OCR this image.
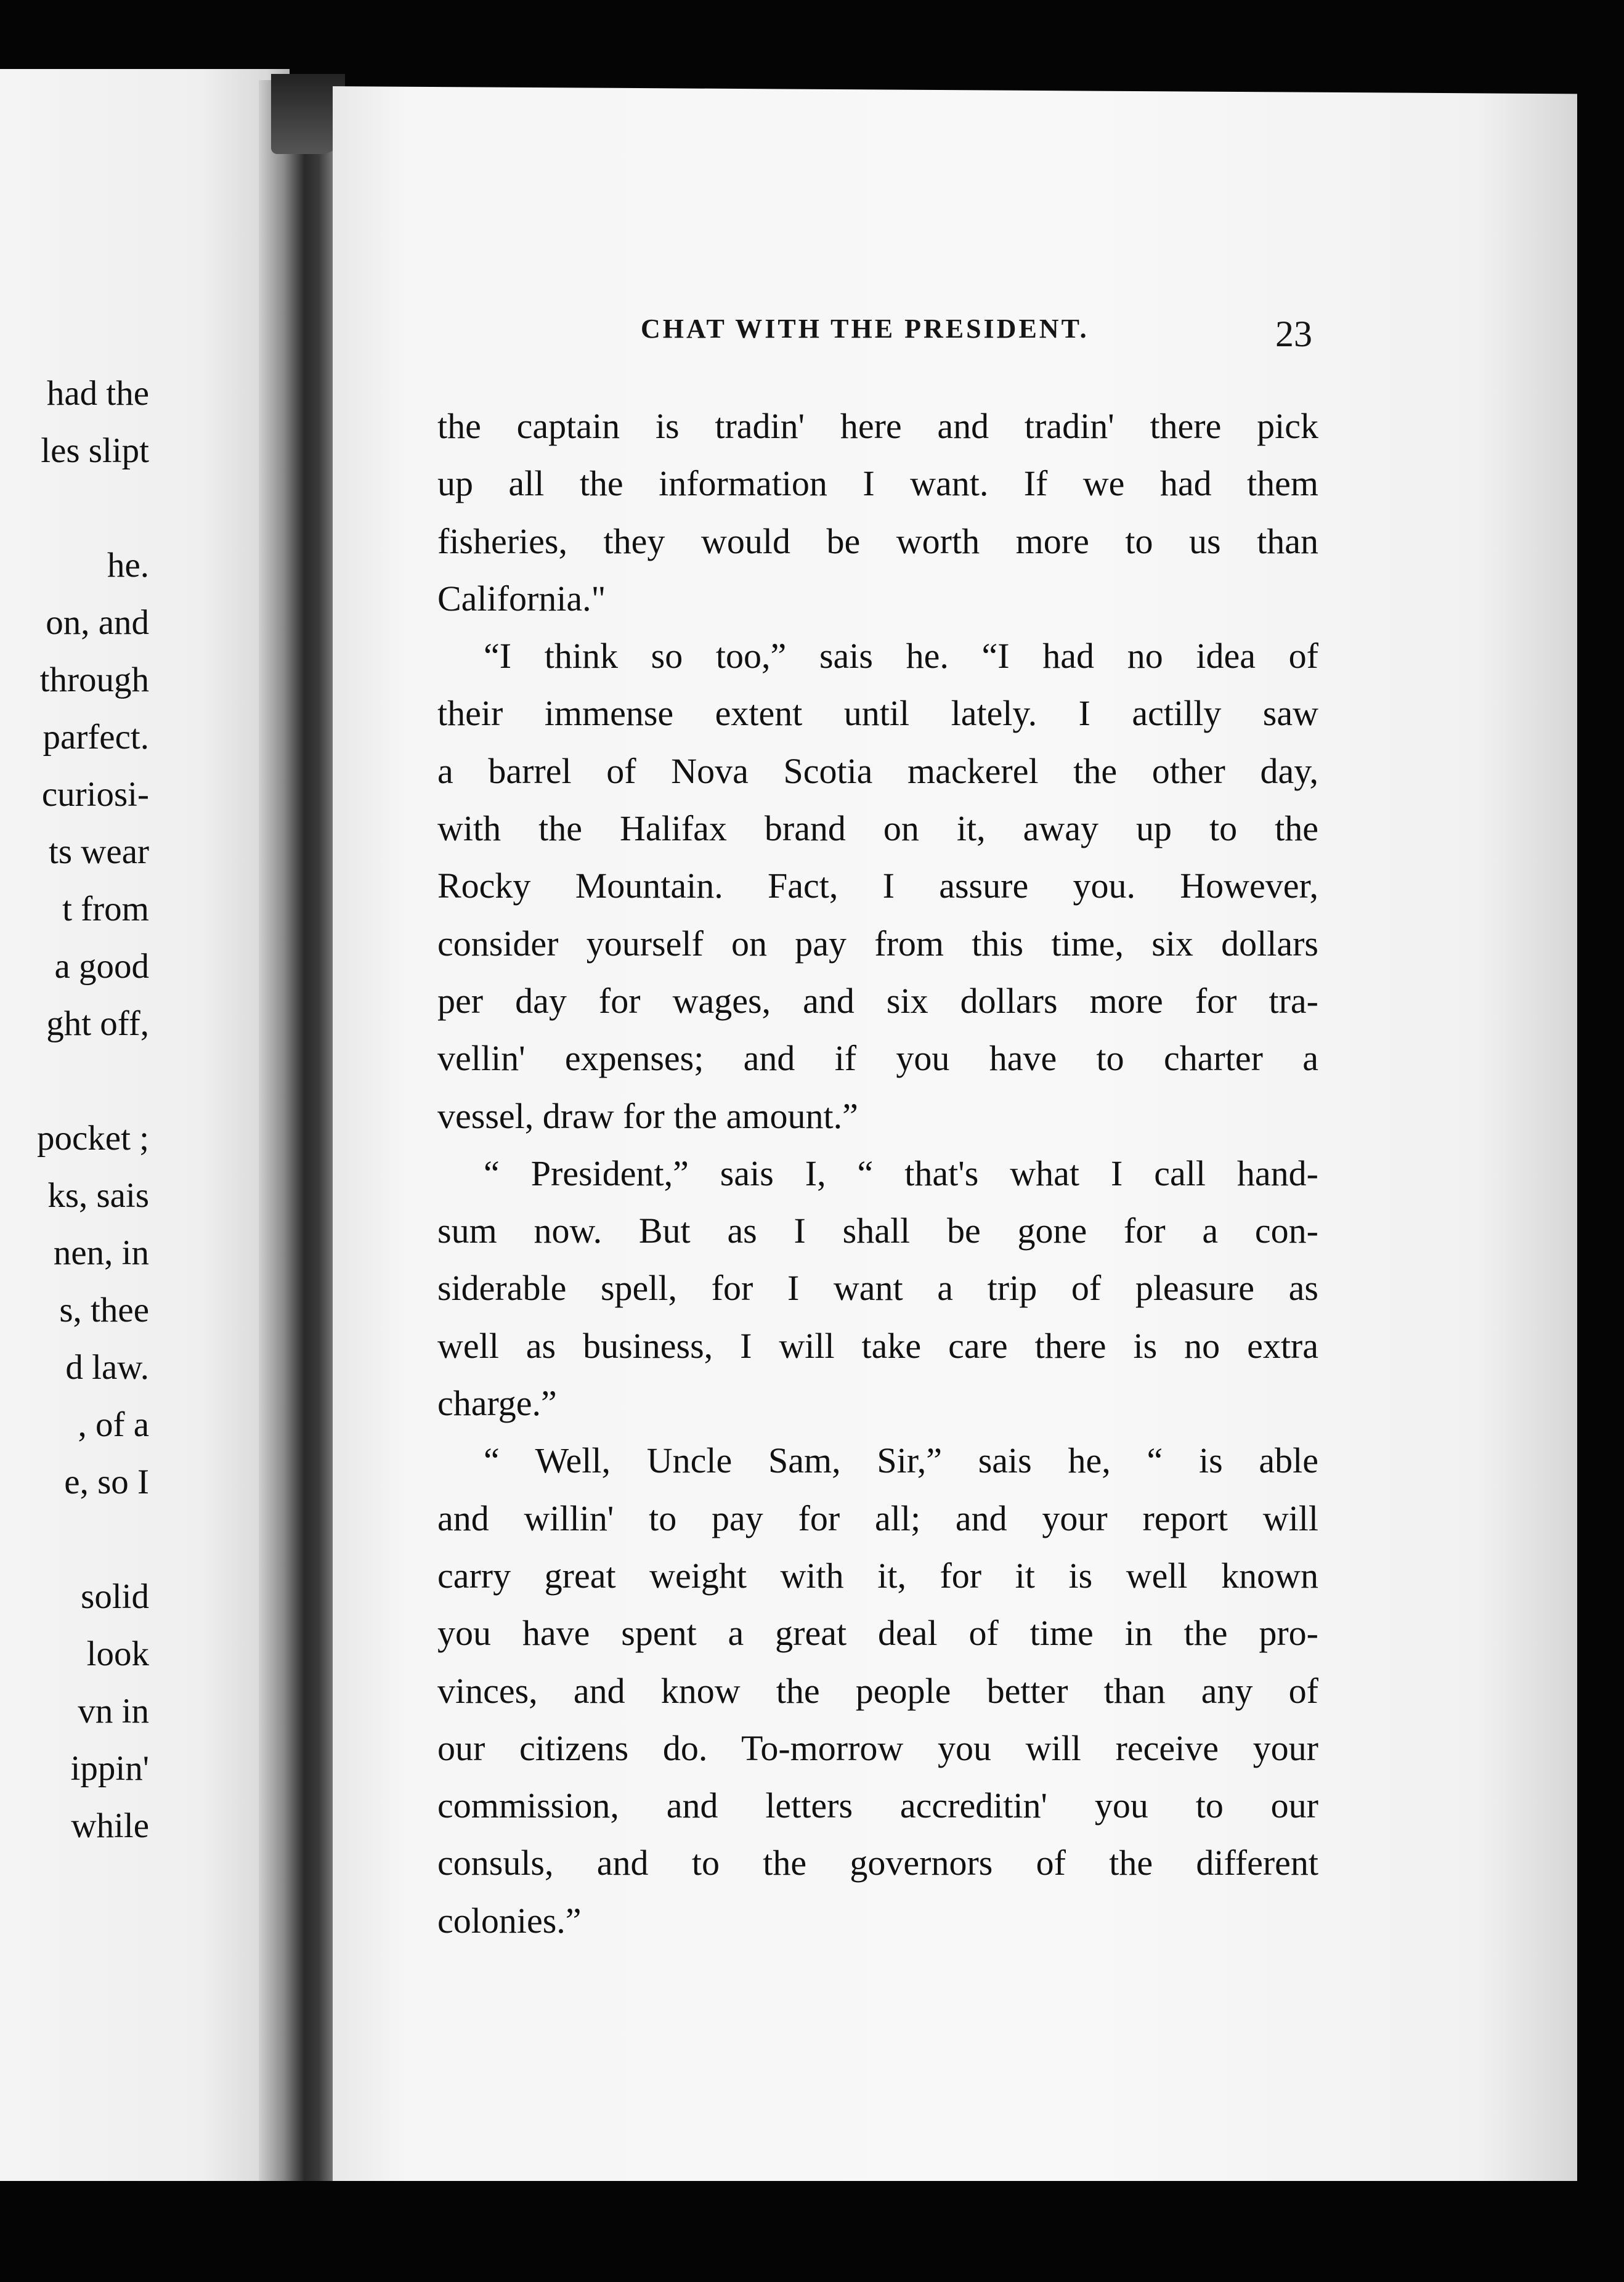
had the
les slipt
he.
on, and
through
parfect.
curiosi-
ts wear
t from
a good
ght off,
pocket ;
ks, sais
nen, in
s, thee
d law.
, of a
e, so I
solid
look
vn in
ippin'
while
CHAT WITH THE PRESIDENT.	23
the captain is tradin' here and tradin' there pick
up all the information I want. If we had them
fisheries, they would be worth more to us than
California."
“I think so too,” sais he. “I had no idea of
their immense extent until lately. I actilly saw
a barrel of Nova Scotia mackerel the other day,
with the Halifax brand on it, away up to the
Rocky Mountain. Fact, I assure you. However,
consider yourself on pay from this time, six dollars
per day for wages, and six dollars more for tra-
vellin' expenses; and if you have to charter a
vessel, draw for the amount.”
“ President,” sais I, “ that's what I call hand-
sum now. But as I shall be gone for a con-
siderable spell, for I want a trip of pleasure as
well as business, I will take care there is no extra
charge.”
“ Well, Uncle Sam, Sir,” sais he, “ is able
and willin' to pay for all; and your report will
carry great weight with it, for it is well known
you have spent a great deal of time in the pro-
vinces, and know the people better than any of
our citizens do. To-morrow you will receive your
commission, and letters accreditin' you to our
consuls, and to the governors of the different
colonies.”
